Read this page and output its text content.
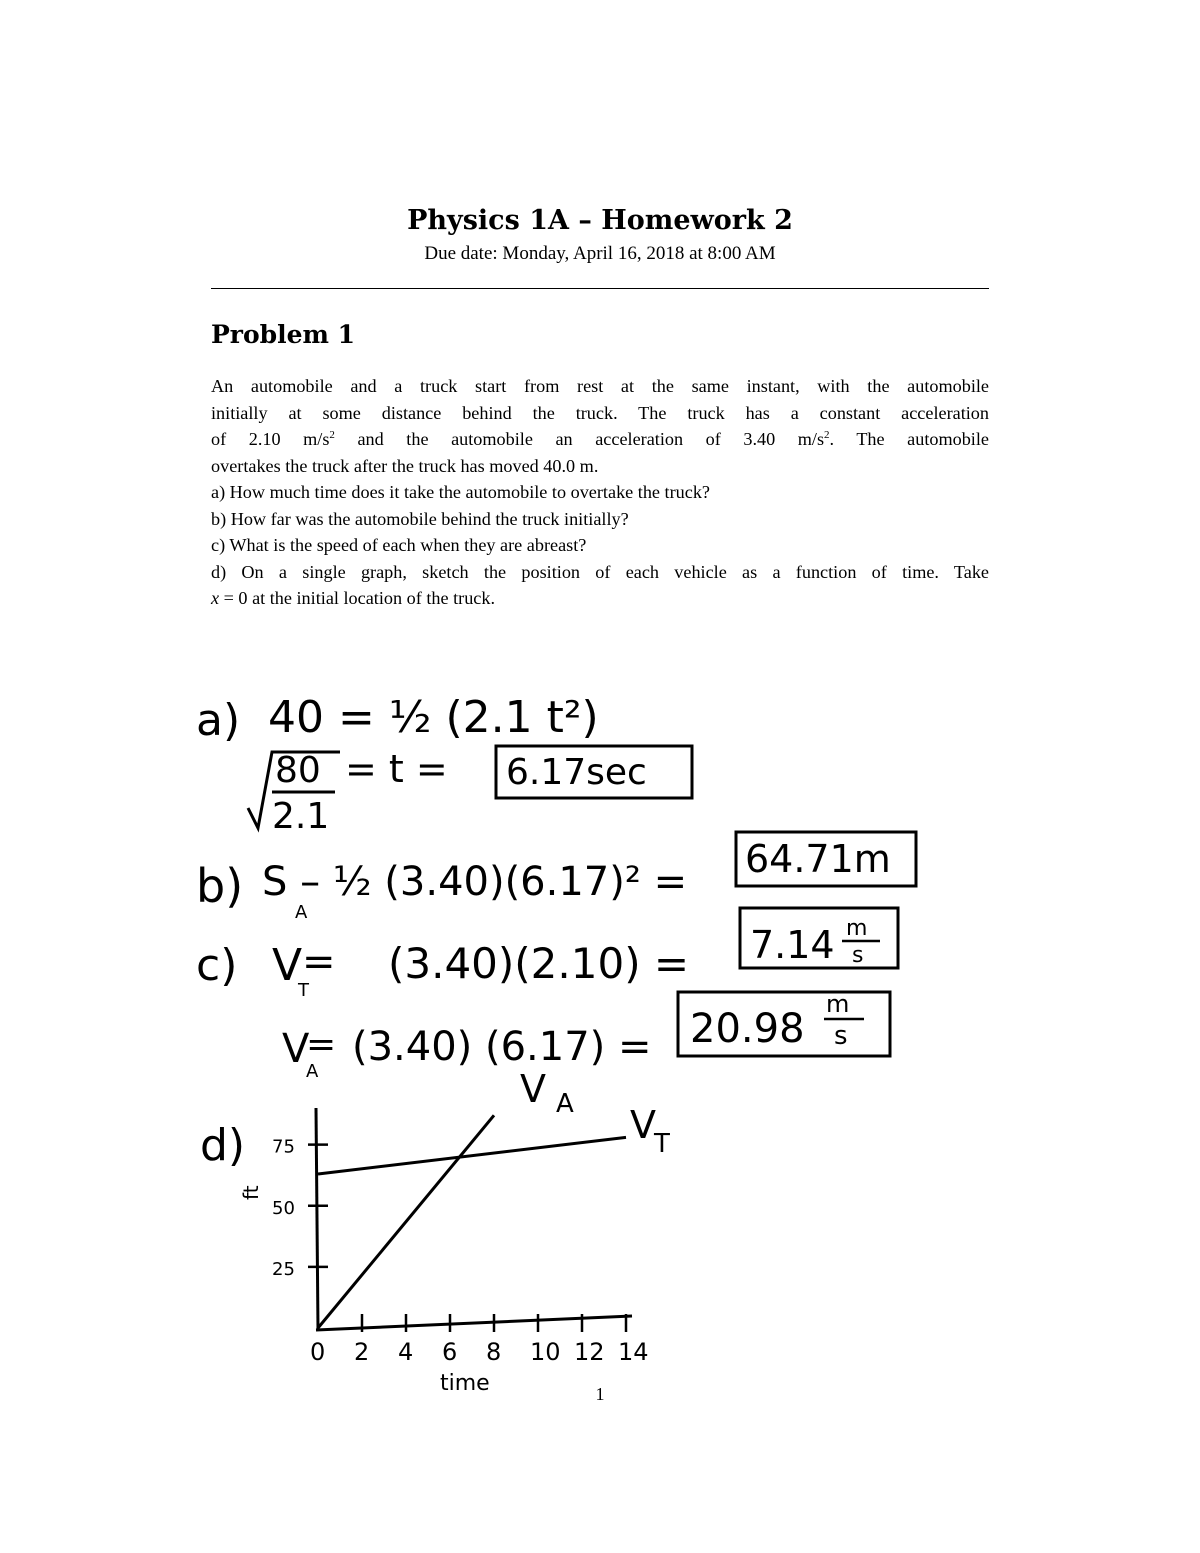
Physics 1A – Homework 2
Due date: Monday, April 16, 2018 at 8:00 AM
Problem 1

An automobile and a truck start from rest at the same instant, with the automobile

initially at some distance behind the truck. The truck has a constant acceleration

of 2.10 $m/s^2$ and the automobile an acceleration of 3.40 $m/s^2$. The automobile

overtakes the truck after the truck has moved 40.0 m.

a) How much time does it take the automobile to overtake the truck?

b) How far was the automobile behind the truck initially?

c) What is the speed of each when they are abreast?

d) On a single graph, sketch the position of each vehicle as a function of time. Take

x = 0 at the initial location of the truck.

a) 40 = ½ (2.1 t²)
80
2.1
= t = 6.17sec
b) S – ½ (3.40)(6.17)² =
A
64.71m
c) V
T
= (3.40)(2.10) = 7.14 m
s
V
A
= (3.40) (6.17) = 20.98
m
s
d)
ft
time
V A V
T
0 2 4 6 8 10 12 14
25
50
75
1
